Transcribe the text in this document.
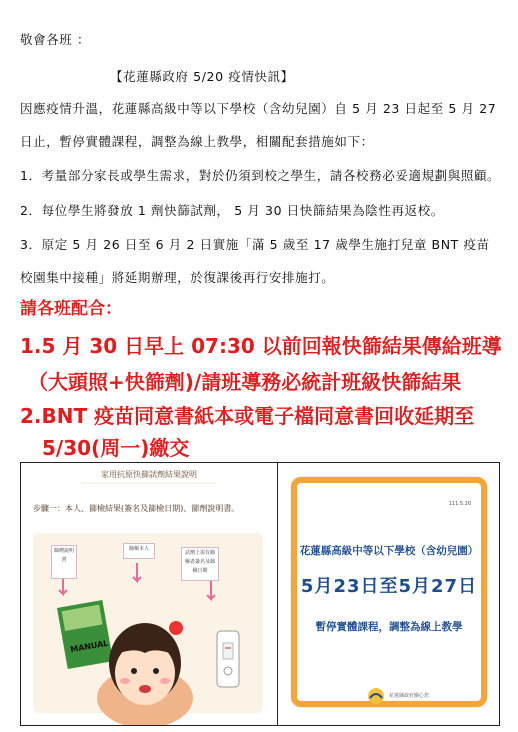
敬會各班 ：
【花蓮縣政府 5/20 疫情快訊】
因應疫情升溫，花蓮縣高級中等以下學校（含幼兒園）自 5 月 23 日起至 5 月 27
日止，暫停實體課程，調整為線上教學，相關配套措施如下：
1．考量部分家長或學生需求，對於仍須到校之學生，請各校務必妥適規劃與照顧。
2．每位學生將發放 1 劑快篩試劑， 5 月 30 日快篩結果為陰性再返校。
3．原定 5 月 26 日至 6 月 2 日實施「滿 5 歲至 17 歲學生施打兒童 BNT 疫苗
校園集中接種」將延期辦理，於復課後再行安排施打。
請各班配合：
1.5 月 30 日早上 07:30 以前回報快篩結果傳給班導
（大頭照+快篩劑)/請班導務必統計班級快篩結果
2.BNT 疫苗同意書紙本或電子檔同意書回收延期至
5/30(周一)繳交
家用抗原快篩試劑結果說明
MANUAL
步驟一：本人、篩檢結果(簽名及篩檢日期)、篩劑說明書。
篩劑說明書
篩檢本人
試劑上需有篩檢者簽名及篩檢日期
111.5.20
花蓮縣高級中等以下學校（含幼兒園）
5月23日至5月27日
暫停實體課程，調整為線上教學
花蓮縣政府關心您
